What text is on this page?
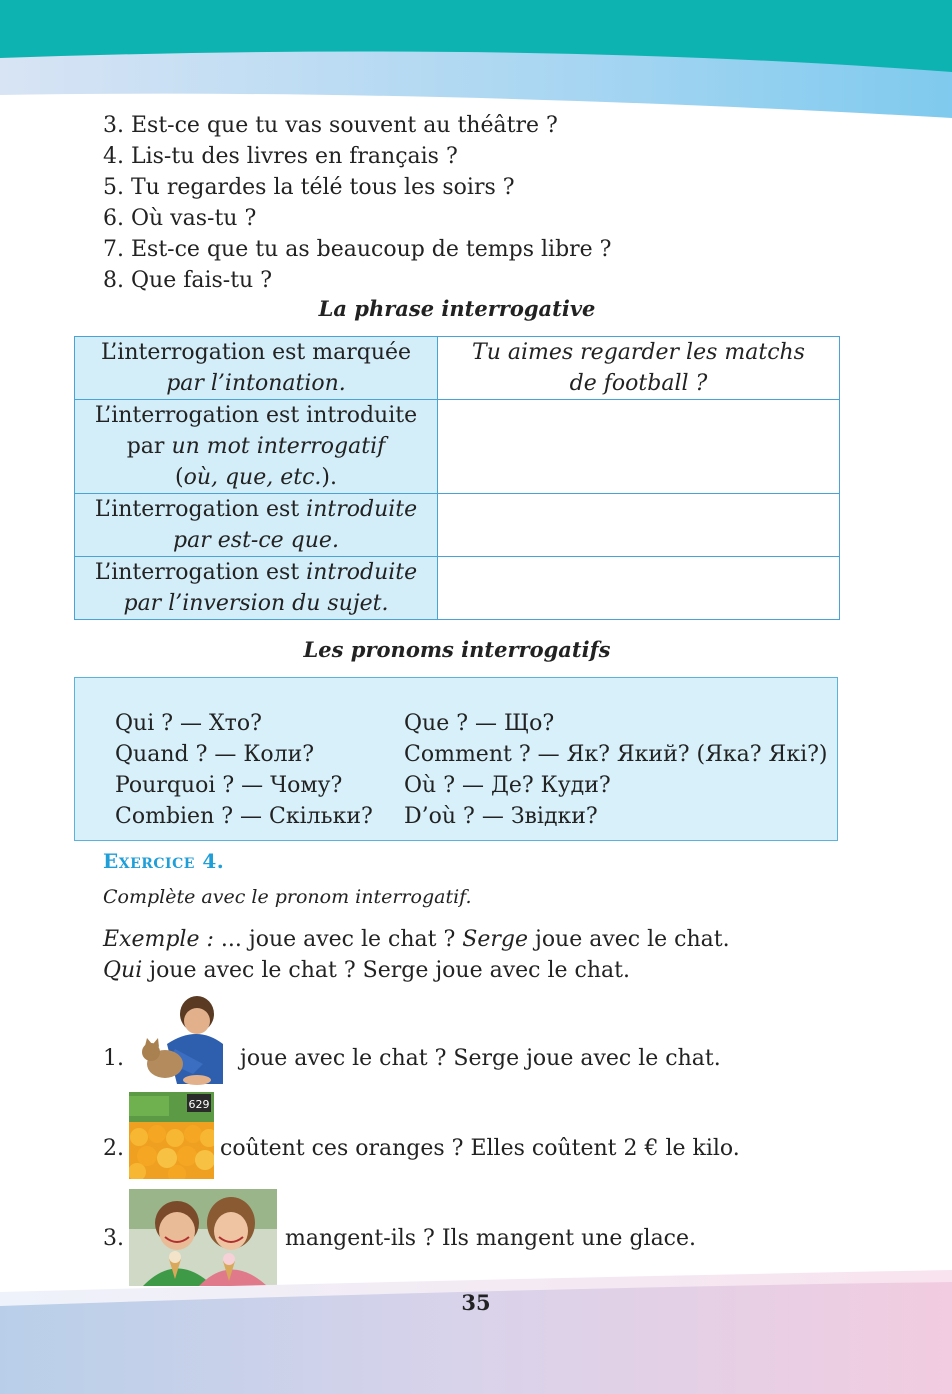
3. Est-ce que tu vas souvent au théâtre ?
4. Lis-tu des livres en français ?
5. Tu regardes la télé tous les soirs ?
6. Où vas-tu ?
7. Est-ce que tu as beaucoup de temps libre ?
8. Que fais-tu ?
La phrase interrogative
L’interrogation est marquée
par l’intonation.	Tu aimes regarder les matchs
de football ?
L’interrogation est introduite
par un mot interrogatif
(où, que, etc.).	
L’interrogation est introduite
par est-ce que.	
L’interrogation est introduite
par l’inversion du sujet.	
Les pronoms interrogatifs
Qui ? — Хто?	Que ? — Що?
Quand ? — Коли?	Comment ? — Як? Який? (Яка? Які?)
Pourquoi ? — Чому?	Où ? — Де? Куди?
Combien ? — Скільки?	D’où ? — Звідки?
Exercice 4.
Complète avec le pronom interrogatif.
Exemple : ... joue avec le chat ? Serge joue avec le chat.
Qui joue avec le chat ? Serge joue avec le chat.
1.	joue avec le chat ? Serge joue avec le chat.
2.
629
coûtent ces oranges ? Elles coûtent 2 € le kilo.
3.	mangent-ils ? Ils mangent une glace.
35
